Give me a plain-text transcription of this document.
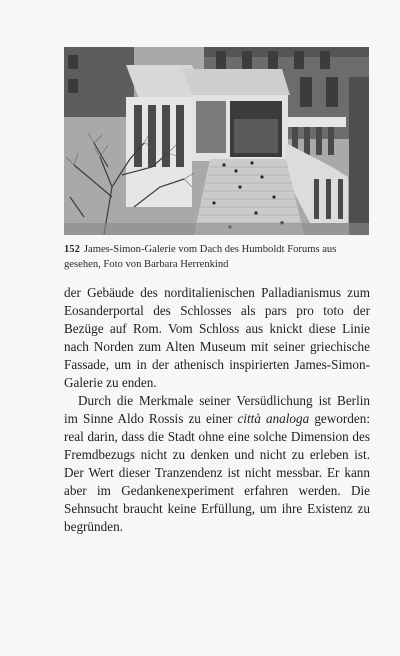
152 James-Simon-Galerie vom Dach des Humboldt Forums aus gesehen, Foto von Barbara Herrenkind

der Gebäude des norditalienischen Palladianismus zum Eosanderportal des Schlosses als pars pro toto der Bezüge auf Rom. Vom Schloss aus knickt diese Linie nach Norden zum Alten Museum mit seiner griechische Fassade, um in der athenisch inspirierten James-Simon-Galerie zu enden.

Durch die Merkmale seiner Versüdlichung ist Berlin im Sinne Aldo Rossis zu einer città analoga geworden: real darin, dass die Stadt ohne eine solche Dimension des Fremdbezugs nicht zu denken und nicht zu erleben ist. Der Wert dieser Tranzendenz ist nicht messbar. Er kann aber im Gedankenexperiment erfahren werden. Die Sehnsucht braucht keine Erfüllung, um ihre Existenz zu begründen.
